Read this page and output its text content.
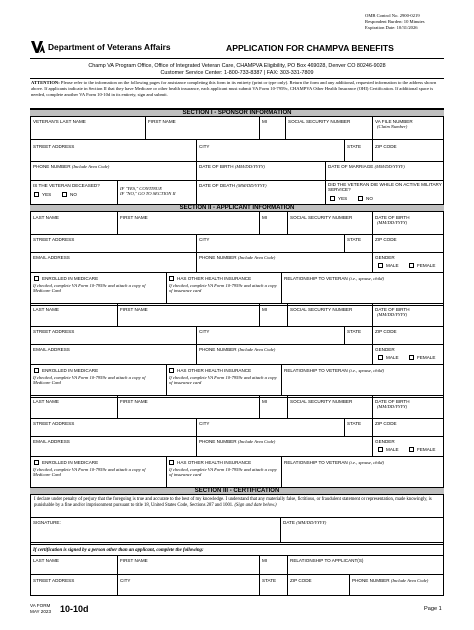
OMB Control No. 2900-0219
Respondent Burden: 10 Minutes
Expiration Date: 10/31/2026
Department of Veterans Affairs	APPLICATION FOR CHAMPVA BENEFITS
Champ VA Program Office, Office of Integrated Veteran Care, CHAMPVA Eligibility, PO Box 469028, Denver CO 80246-9028
Customer Service Center: 1-800-733-8387 | FAX: 303-331-7809
ATTENTION: Please refer to the information on the following pages for assistance completing this form in its entirety (print or type only). Return the form and any additional, requested information to the address shown above. If applicants indicate in Section II that they have Medicare or other health insurance, each applicant must submit VA Form 10-7959c, CHAMPVA Other Health Insurance (OHI) Certification. If additional space is needed, complete another VA Form 10-10d in its entirety, sign and submit.
SECTION I - SPONSOR INFORMATION
VETERAN'S LAST NAME	FIRST NAME	MI	SOCIAL SECURITY NUMBER	VA FILE NUMBER
(Claim Number)
STREET ADDRESS	CITY	STATE	ZIP CODE
PHONE NUMBER (Include Area Code)	DATE OF BIRTH (MM/DD/YYYY)	DATE OF MARRIAGE (MM/DD/YYYY)
IS THE VETERAN DECEASED?
YES	NO
IF "YES," CONTINUE
IF "NO," GO TO SECTION II
DATE OF DEATH (MM/DD/YYYY)	DID THE VETERAN DIE WHILE ON ACTIVE MILITARY SERVICE?
YES	NO
SECTION II - APPLICANT INFORMATION
LAST NAME	FIRST NAME	MI	SOCIAL SECURITY NUMBER	DATE OF BIRTH
(MM/DD/YYYY)
STREET ADDRESS	CITY	STATE	ZIP CODE
EMAIL ADDRESS	PHONE NUMBER (Include Area Code)	GENDER
MALE	FEMALE
ENROLLED IN MEDICARE
If checked, complete VA Form 10-7959c and attach a copy of Medicare Card
HAS OTHER HEALTH INSURANCE
If checked, complete VA Form 10-7959c and attach a copy of insurance card
RELATIONSHIP TO VETERAN (i.e., spouse, child)
LAST NAME	FIRST NAME	MI	SOCIAL SECURITY NUMBER	DATE OF BIRTH
(MM/DD/YYYY)
STREET ADDRESS	CITY	STATE	ZIP CODE
EMAIL ADDRESS	PHONE NUMBER (Include Area Code)	GENDER
MALE	FEMALE
ENROLLED IN MEDICARE
If checked, complete VA Form 10-7959c and attach a copy of Medicare Card
HAS OTHER HEALTH INSURANCE
If checked, complete VA Form 10-7959c and attach a copy of insurance card
RELATIONSHIP TO VETERAN (i.e., spouse, child)
LAST NAME	FIRST NAME	MI	SOCIAL SECURITY NUMBER	DATE OF BIRTH
(MM/DD/YYYY)
STREET ADDRESS	CITY	STATE	ZIP CODE
EMAIL ADDRESS	PHONE NUMBER (Include Area Code)	GENDER
MALE	FEMALE
ENROLLED IN MEDICARE
If checked, complete VA Form 10-7959c and attach a copy of Medicare Card
HAS OTHER HEALTH INSURANCE
If checked, complete VA Form 10-7959c and attach a copy of insurance card
RELATIONSHIP TO VETERAN (i.e., spouse, child)
SECTION III - CERTIFICATION
I declare under penalty of perjury that the foregoing is true and accurate to the best of my knowledge. I understand that any materially false, fictitious, or fraudulent statement or representation, made knowingly, is punishable by a fine and/or imprisonment pursuant to title 18, United States Code, Sections 287 and 1001. (Sign and date below.)
SIGNATURE:	DATE (MM/DD/YYYY)
If certification is signed by a person other than an applicant, complete the following:
LAST NAME	FIRST NAME	MI	RELATIONSHIP TO APPLICANT(S)
STREET ADDRESS	CITY	STATE	ZIP CODE	PHONE NUMBER (Include Area Code)
VA FORM
MAY 2023 10-10d	Page 1
